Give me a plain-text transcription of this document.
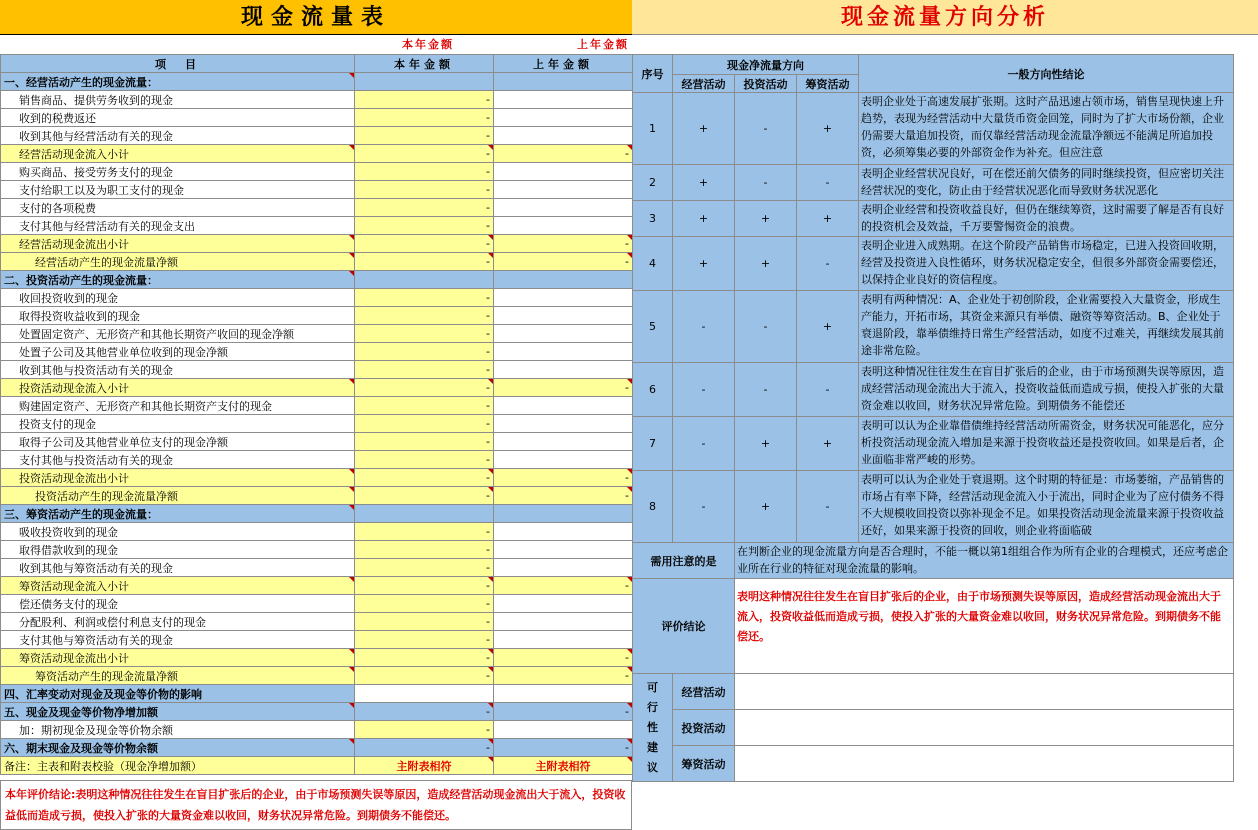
现金流量表
本年金额	上年金额
项　目	本年金额	上年金额
一、经营活动产生的现金流量：		
销售商品、提供劳务收到的现金	-	
收到的税费返还	-	
收到其他与经营活动有关的现金	-	
经营活动现金流入小计	-	-
购买商品、接受劳务支付的现金	-	
支付给职工以及为职工支付的现金	-	
支付的各项税费	-	
支付其他与经营活动有关的现金支出	-	
经营活动现金流出小计	-	-
经营活动产生的现金流量净额	-	-
二、投资活动产生的现金流量：		
收回投资收到的现金	-	
取得投资收益收到的现金	-	
处置固定资产、无形资产和其他长期资产收回的现金净额	-	
处置子公司及其他营业单位收到的现金净额	-	
收到其他与投资活动有关的现金	-	
投资活动现金流入小计	-	-
购建固定资产、无形资产和其他长期资产支付的现金	-	
投资支付的现金	-	
取得子公司及其他营业单位支付的现金净额	-	
支付其他与投资活动有关的现金	-	
投资活动现金流出小计	-	-
投资活动产生的现金流量净额	-	-
三、筹资活动产生的现金流量：		
吸收投资收到的现金	-	
取得借款收到的现金	-	
收到其他与筹资活动有关的现金	-	
筹资活动现金流入小计	-	-
偿还债务支付的现金	-	
分配股利、利润或偿付利息支付的现金	-	
支付其他与筹资活动有关的现金	-	
筹资活动现金流出小计	-	-
筹资活动产生的现金流量净额	-	-
四、汇率变动对现金及现金等价物的影响		
五、现金及现金等价物净增加额	-	-
加：期初现金及现金等价物余额	-	
六、期末现金及现金等价物余额	-	-
备注：主表和附表校验（现金净增加额）	主附表相符	主附表相符
本年评价结论:表明这种情况往往发生在盲目扩张后的企业，由于市场预测失误等原因，造成经营活动现金流出大于流入，投资收益低而造成亏损，使投入扩张的大量资金难以收回，财务状况异常危险。到期债务不能偿还。
现金流量方向分析
序号	现金净流量方向			一般方向性结论
	经营活动	投资活动	筹资活动	
1	+	-	+	表明企业处于高速发展扩张期。这时产品迅速占领市场，销售呈现快速上升趋势，表现为经营活动中大量货币资金回笼，同时为了扩大市场份额，企业仍需要大量追加投资，而仅靠经营活动现金流量净额远不能满足所追加投资，必须筹集必要的外部资金作为补充。但应注意

2	+	-	-	表明企业经营状况良好，可在偿还前欠债务的同时继续投资，但应密切关注经营状况的变化，防止由于经营状况恶化而导致财务状况恶化

3	+	+	+	表明企业经营和投资收益良好，但仍在继续筹资，这时需要了解是否有良好的投资机会及效益，千万要警惕资金的浪费。

4	+	+	-	表明企业进入成熟期。在这个阶段产品销售市场稳定，已进入投资回收期，经营及投资进入良性循环，财务状况稳定安全，但很多外部资金需要偿还，以保持企业良好的资信程度。

5	-	-	+	表明有两种情况：A、企业处于初创阶段，企业需要投入大量资金，形成生产能力，开拓市场，其资金来源只有举债、融资等筹资活动。B、企业处于衰退阶段，靠举债维持日常生产经营活动，如度不过难关，再继续发展其前途非常危险。

6	-	-	-	表明这种情况往往发生在盲目扩张后的企业，由于市场预测失误等原因，造成经营活动现金流出大于流入，投资收益低而造成亏损，使投入扩张的大量资金难以收回，财务状况异常危险。到期债务不能偿还

7	-	+	+	表明可以认为企业靠借债维持经营活动所需资金，财务状况可能恶化，应分析投资活动现金流入增加是来源于投资收益还是投资收回。如果是后者，企业面临非常严峻的形势。

8	-	+	-	表明可以认为企业处于衰退期。这个时期的特征是：市场萎缩，产品销售的市场占有率下降，经营活动现金流入小于流出，同时企业为了应付债务不得不大规模收回投资以弥补现金不足。如果投资活动现金流量来源于投资收益还好，如果来源于投资的回收，则企业将面临破

需用注意的是		在判断企业的现金流量方向是否合理时，不能一概以第1组组合作为所有企业的合理模式，还应考虑企业所在行业的特征对现金流量的影响。		

评价结论		表明这种情况往往发生在盲目扩张后的企业，由于市场预测失误等原因，造成经营活动现金流出大于流入，投资收益低而造成亏损，使投入扩张的大量资金难以收回，财务状况异常危险。到期债务不能偿还。		

可
行
性
建
议	经营活动			
	投资活动			
	筹资活动			
